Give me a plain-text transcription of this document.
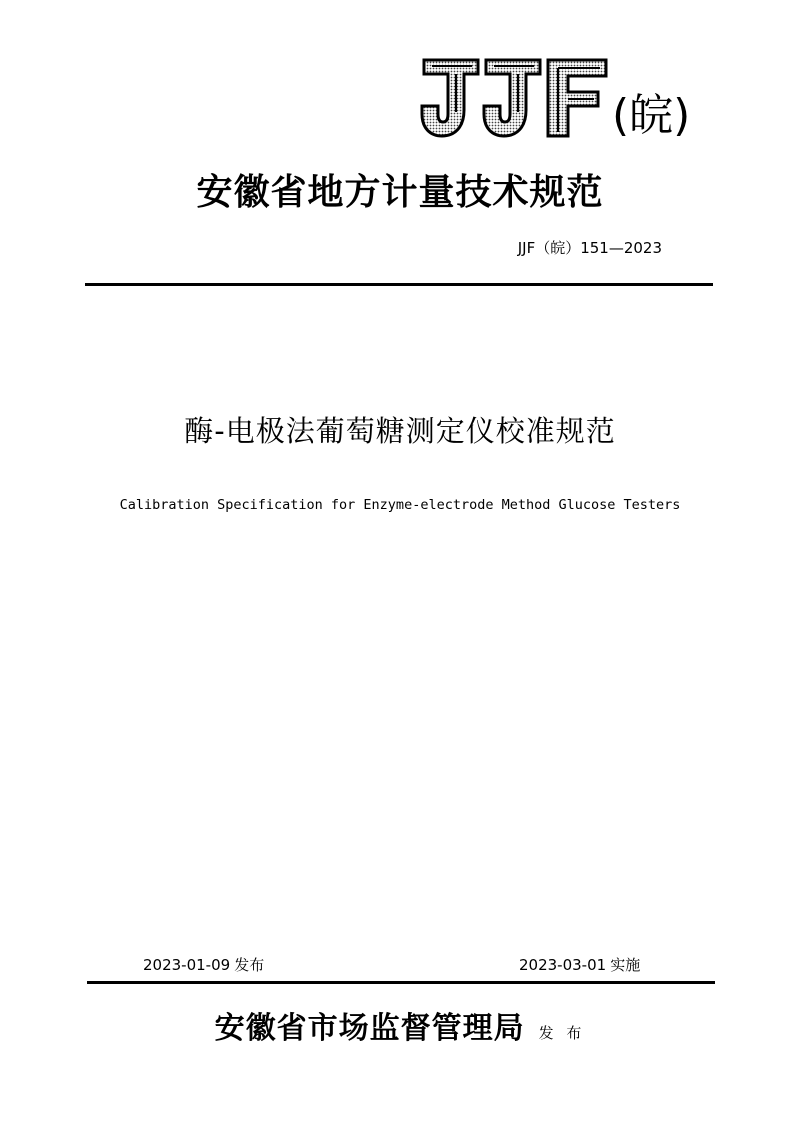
(皖)
安徽省地方计量技术规范
JJF（皖）151—2023
酶-电极法葡萄糖测定仪校准规范
Calibration Specification for Enzyme-electrode Method Glucose Testers
2023-01-09 发布	2023-03-01 实施
安徽省市场监督管理局 发 布
